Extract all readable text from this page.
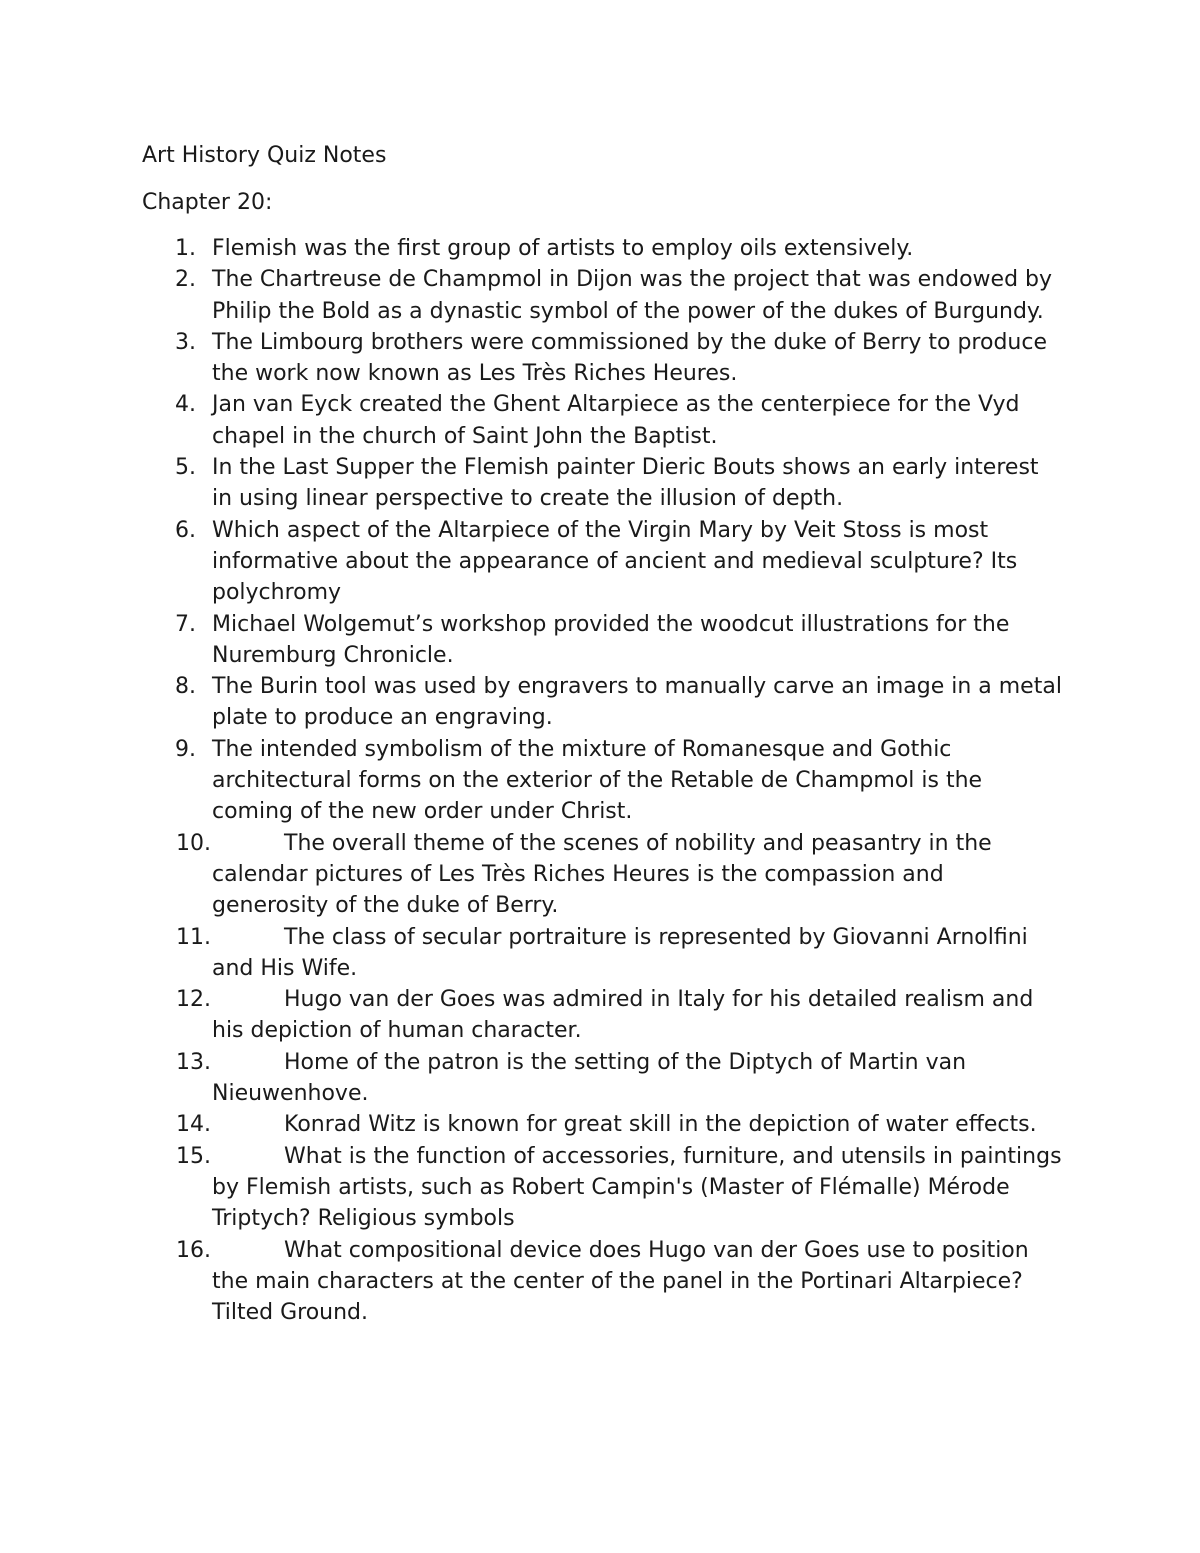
Art History Quiz Notes

Chapter 20:

1. Flemish was the first group of artists to employ oils extensively.
2. The Chartreuse de Champmol in Dijon was the project that was endowed by Philip the Bold as a dynastic symbol of the power of the dukes of Burgundy.
3. The Limbourg brothers were commissioned by the duke of Berry to produce the work now known as Les Très Riches Heures.
4. Jan van Eyck created the Ghent Altarpiece as the centerpiece for the Vyd chapel in the church of Saint John the Baptist.
5. In the Last Supper the Flemish painter Dieric Bouts shows an early interest in using linear perspective to create the illusion of depth.
6. Which aspect of the Altarpiece of the Virgin Mary by Veit Stoss is most informative about the appearance of ancient and medieval sculpture? Its polychromy
7. Michael Wolgemut’s workshop provided the woodcut illustrations for the Nuremburg Chronicle.
8. The Burin tool was used by engravers to manually carve an image in a metal plate to produce an engraving.
9. The intended symbolism of the mixture of Romanesque and Gothic architectural forms on the exterior of the Retable de Champmol is the coming of the new order under Christ.
10.	The overall theme of the scenes of nobility and peasantry in the calendar pictures of Les Très Riches Heures is the compassion and generosity of the duke of Berry.
11.	The class of secular portraiture is represented by Giovanni Arnolfini and His Wife.
12.	Hugo van der Goes was admired in Italy for his detailed realism and his depiction of human character.
13.	Home of the patron is the setting of the Diptych of Martin van Nieuwenhove.
14.	Konrad Witz is known for great skill in the depiction of water effects.
15.	What is the function of accessories, furniture, and utensils in paintings by Flemish artists, such as Robert Campin's (Master of Flémalle) Mérode Triptych? Religious symbols
16.	What compositional device does Hugo van der Goes use to position the main characters at the center of the panel in the Portinari Altarpiece? Tilted Ground.
